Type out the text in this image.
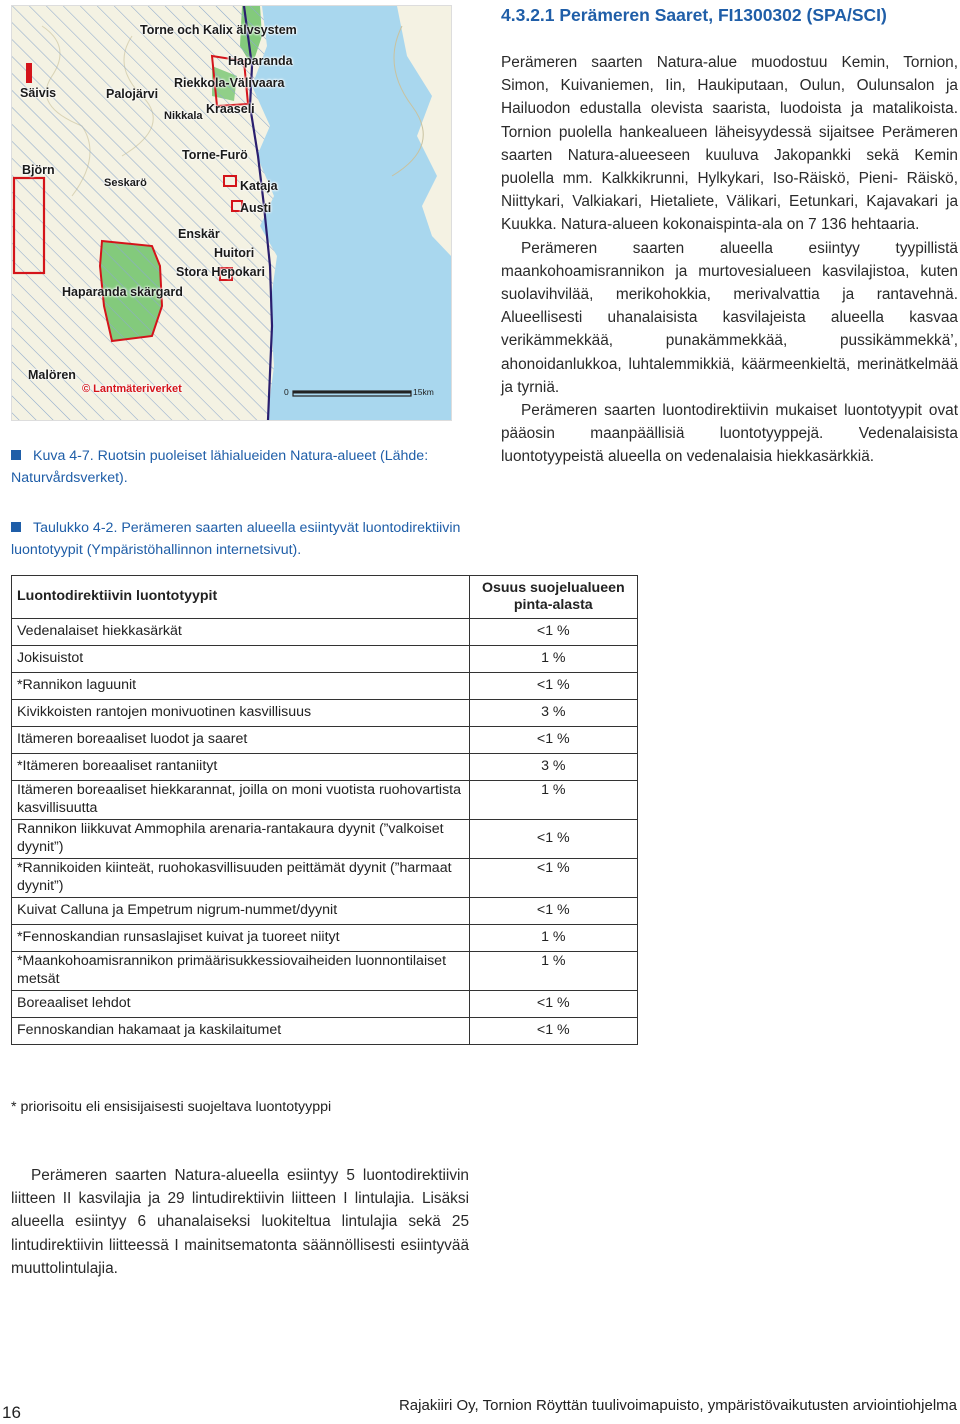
Torne och Kalix älvsystem
Haparanda
Säivis	Palojärvi
Riekkola-Välivaara
Nikkala Kraaseli
Björn
Torne-Furö
Seskarö	Kataja
Austi
Enskär
Huitori
Stora Hepokari
Haparanda skärgard
Malören
© Lantmäteriverket	0	15km
Kuva 4-7. Ruotsin puoleiset lähialueiden Natura-alueet (Lähde: Naturvårdsverket).
4.3.2.1 Perämeren Saaret, FI1300302 (SPA/SCI)

Perämeren saarten Natura-alue muodostuu Kemin, Tornion, Simon, Kuivaniemen, Iin, Haukiputaan, Oulun, Oulunsalon ja Hailuodon edustalla olevista saarista, luodoista ja matalikoista. Tornion puolella hankealueen läheisyydessä sijaitsee Perämeren saarten Natura-alueeseen kuuluva Jakopankki sekä Kemin puolella mm. Kalkkikrunni, Hylkykari, Iso-Räiskö, Pieni- Räiskö, Niittykari, Valkiakari, Hietaliete, Välikari, Eetunkari, Kajavakari ja Kuukka. Natura-alueen kokonaispinta-ala on 7 136 hehtaaria.

Perämeren saarten alueella esiintyy tyypillistä maankohoamisrannikon ja murtovesialueen kasvilajistoa, kuten suolavihvilää, merikohokkia, merivalvattia ja rantavehnä. Alueellisesti uhanalaisista kasvilajeista alueella kasvaa verikämmekkää, punakämmekkää, pussikämmekkä’, ahonoidanlukkoa, luhtalemmikkiä, käärmeenkieltä, merinätkelmää ja tyrniä.

Perämeren saarten luontodirektiivin mukaiset luontotyypit ovat pääosin maanpäällisiä luontotyyppejä. Vedenalaisista luontotyypeistä alueella on vedenalaisia hiekkasärkkiä.

Taulukko 4-2. Perämeren saarten alueella esiintyvät luontodirektiivin luontotyypit (Ympäristöhallinnon internetsivut).
Luontodirektiivin luontotyypit	Osuus suojelualueen pinta-alasta
Vedenalaiset hiekkasärkät	<1 %
Jokisuistot	1 %
*Rannikon laguunit	<1 %
Kivikkoisten rantojen monivuotinen kasvillisuus	3 %
Itämeren boreaaliset luodot ja saaret	<1 %
*Itämeren boreaaliset rantaniityt	3 %
Itämeren boreaaliset hiekkarannat, joilla on moni vuotista ruohovartista kasvillisuutta	1 %
Rannikon liikkuvat Ammophila arenaria-rantakaura dyynit (”valkoiset dyynit”)	<1 %
*Rannikoiden kiinteät, ruohokasvillisuuden peittämät dyynit (”harmaat dyynit”)	<1 %
Kuivat Calluna ja Empetrum nigrum-nummet/dyynit	<1 %
*Fennoskandian runsaslajiset kuivat ja tuoreet niityt	1 %
*Maankohoamisrannikon primäärisukkessiovaiheiden luonnontilaiset metsät	1 %
Boreaaliset lehdot	<1 %
Fennoskandian hakamaat ja kaskilaitumet	<1 %
* priorisoitu eli ensisijaisesti suojeltava luontotyyppi

Perämeren saarten Natura-alueella esiintyy 5 luontodirektiivin liitteen II kasvilajia ja 29 lintudirektiivin liitteen I lintulajia. Lisäksi alueella esiintyy 6 uhanalaiseksi luokiteltua lintulajia sekä 25 lintudirektiivin liitteessä I mainitsematonta säännöllisesti esiintyvää muuttolintulajia.

16	Rajakiiri Oy, Tornion Röyttän tuulivoimapuisto, ympäristövaikutusten arviointiohjelma
